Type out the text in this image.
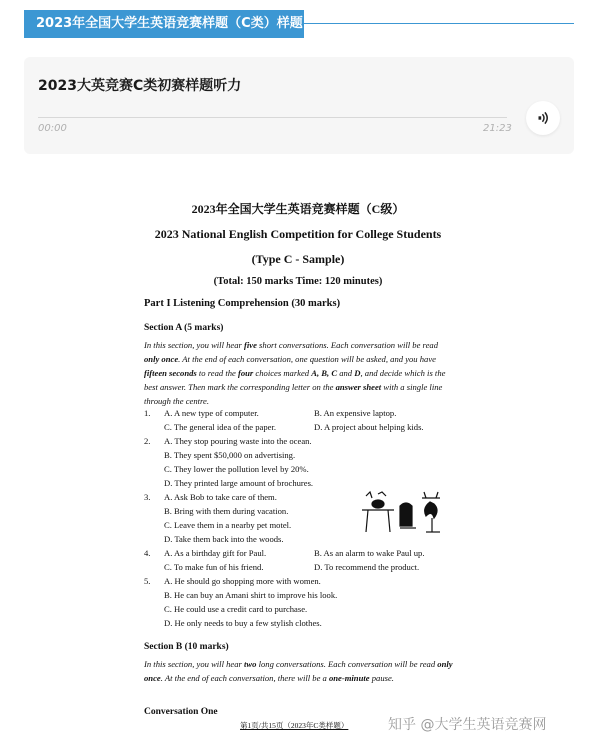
2023年全国大学生英语竞赛样题（C类）样题
2023大英竞赛C类初赛样题听力
00:00	21:23
2023年全国大学生英语竞赛样题（C级）
2023 National English Competition for College Students
(Type C - Sample)
(Total: 150 marks Time: 120 minutes)
Part I Listening Comprehension (30 marks)
Section A (5 marks)
In this section, you will hear five short conversations. Each conversation will be read only once. At the end of each conversation, one question will be asked, and you have fifteen seconds to read the four choices marked A, B, C and D, and decide which is the best answer. Then mark the corresponding letter on the answer sheet with a single line through the centre.
1. A. A new type of computer.	B. An expensive laptop.
C. The general idea of the paper.	D. A project about helping kids.
2. A. They stop pouring waste into the ocean.
B. They spent $50,000 on advertising.
C. They lower the pollution level by 20%.
D. They printed large amount of brochures.
3. A. Ask Bob to take care of them.
B. Bring with them during vacation.
C. Leave them in a nearby pet motel.
D. Take them back into the woods.
4. A. As a birthday gift for Paul.	B. As an alarm to wake Paul up.
C. To make fun of his friend.	D. To recommend the product.
5. A. He should go shopping more with women.
B. He can buy an Amani shirt to improve his look.
C. He could use a credit card to purchase.
D. He only needs to buy a few stylish clothes.
Section B (10 marks)
In this section, you will hear two long conversations. Each conversation will be read only once. At the end of each conversation, there will be a one-minute pause.
Conversation One
第1页/共15页（2023年C类样题）	知乎 @大学生英语竞赛网
